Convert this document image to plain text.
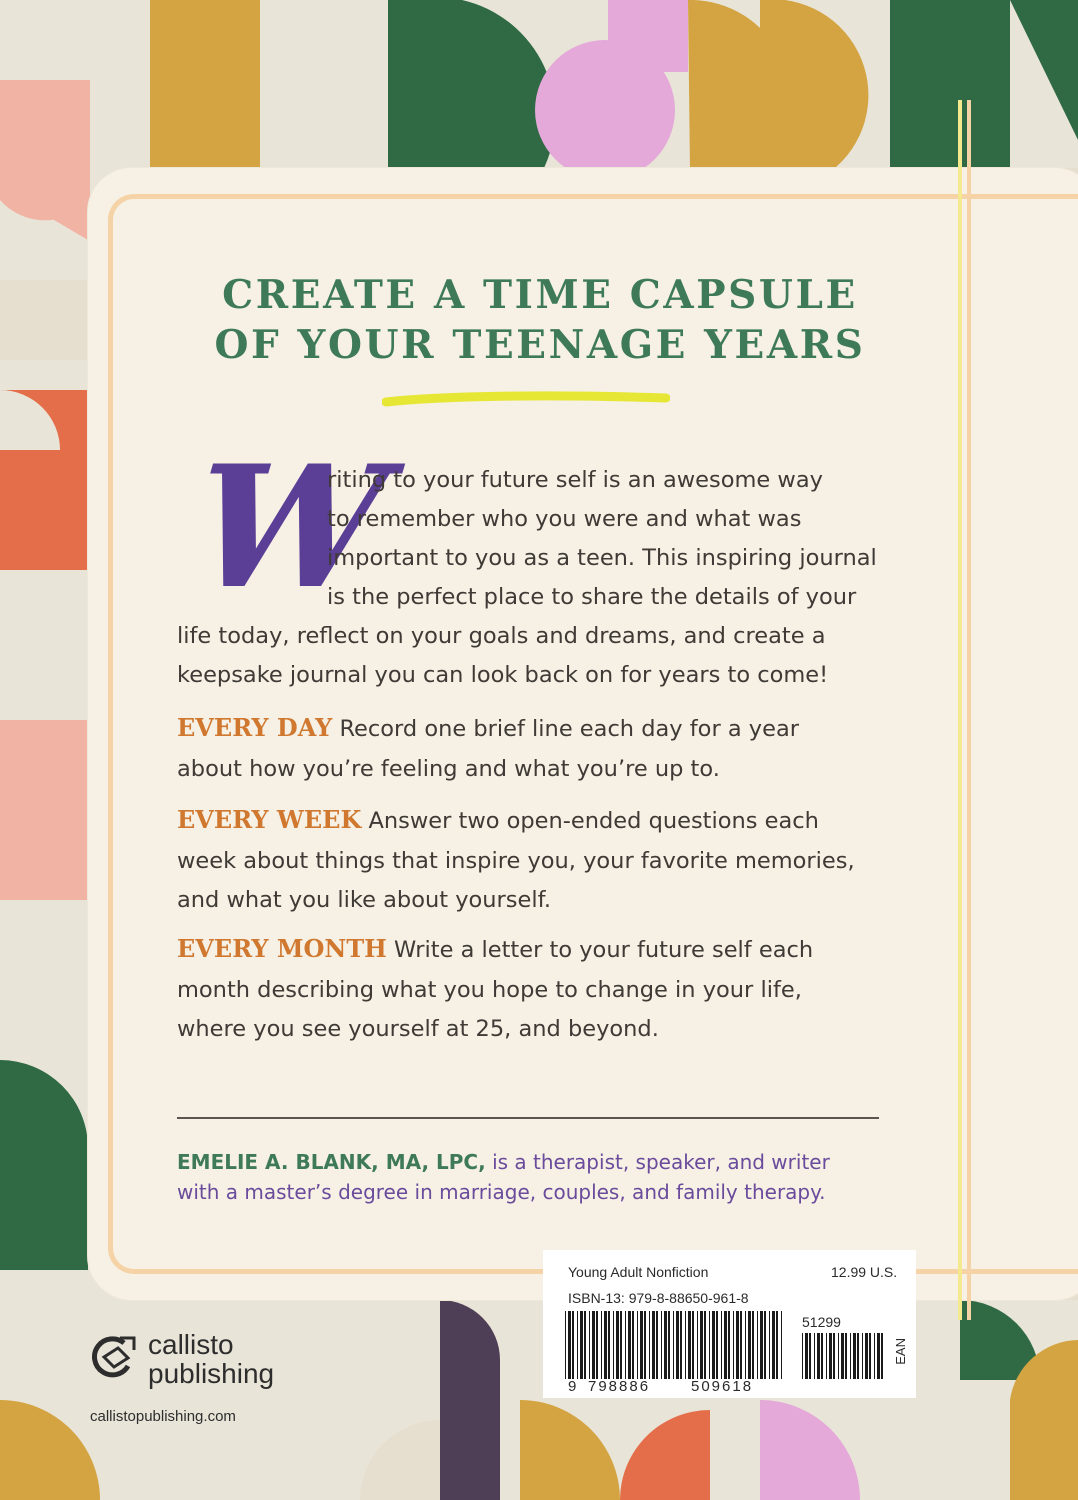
CREATE A TIME CAPSULE
OF YOUR TEENAGE YEARS
W
riting to your future self is an awesome way
to remember who you were and what was
important to you as a teen. This inspiring journal
is the perfect place to share the details of your
life today, reflect on your goals and dreams, and create a
keepsake journal you can look back on for years to come!
EVERY DAY Record one brief line each day for a year
about how you’re feeling and what you’re up to.
EVERY WEEK Answer two open-ended questions each
week about things that inspire you, your favorite memories,
and what you like about yourself.
EVERY MONTH Write a letter to your future self each
month describing what you hope to change in your life,
where you see yourself at 25, and beyond.
EMELIE A. BLANK, MA, LPC, is a therapist, speaker, and writer
with a master’s degree in marriage, couples, and family therapy.
Young Adult Nonfiction	12.99 U.S.
ISBN-13: 979-8-88650-961-8
51299
9 798886	509618
EAN
callisto
publishing
callistopublishing.com
